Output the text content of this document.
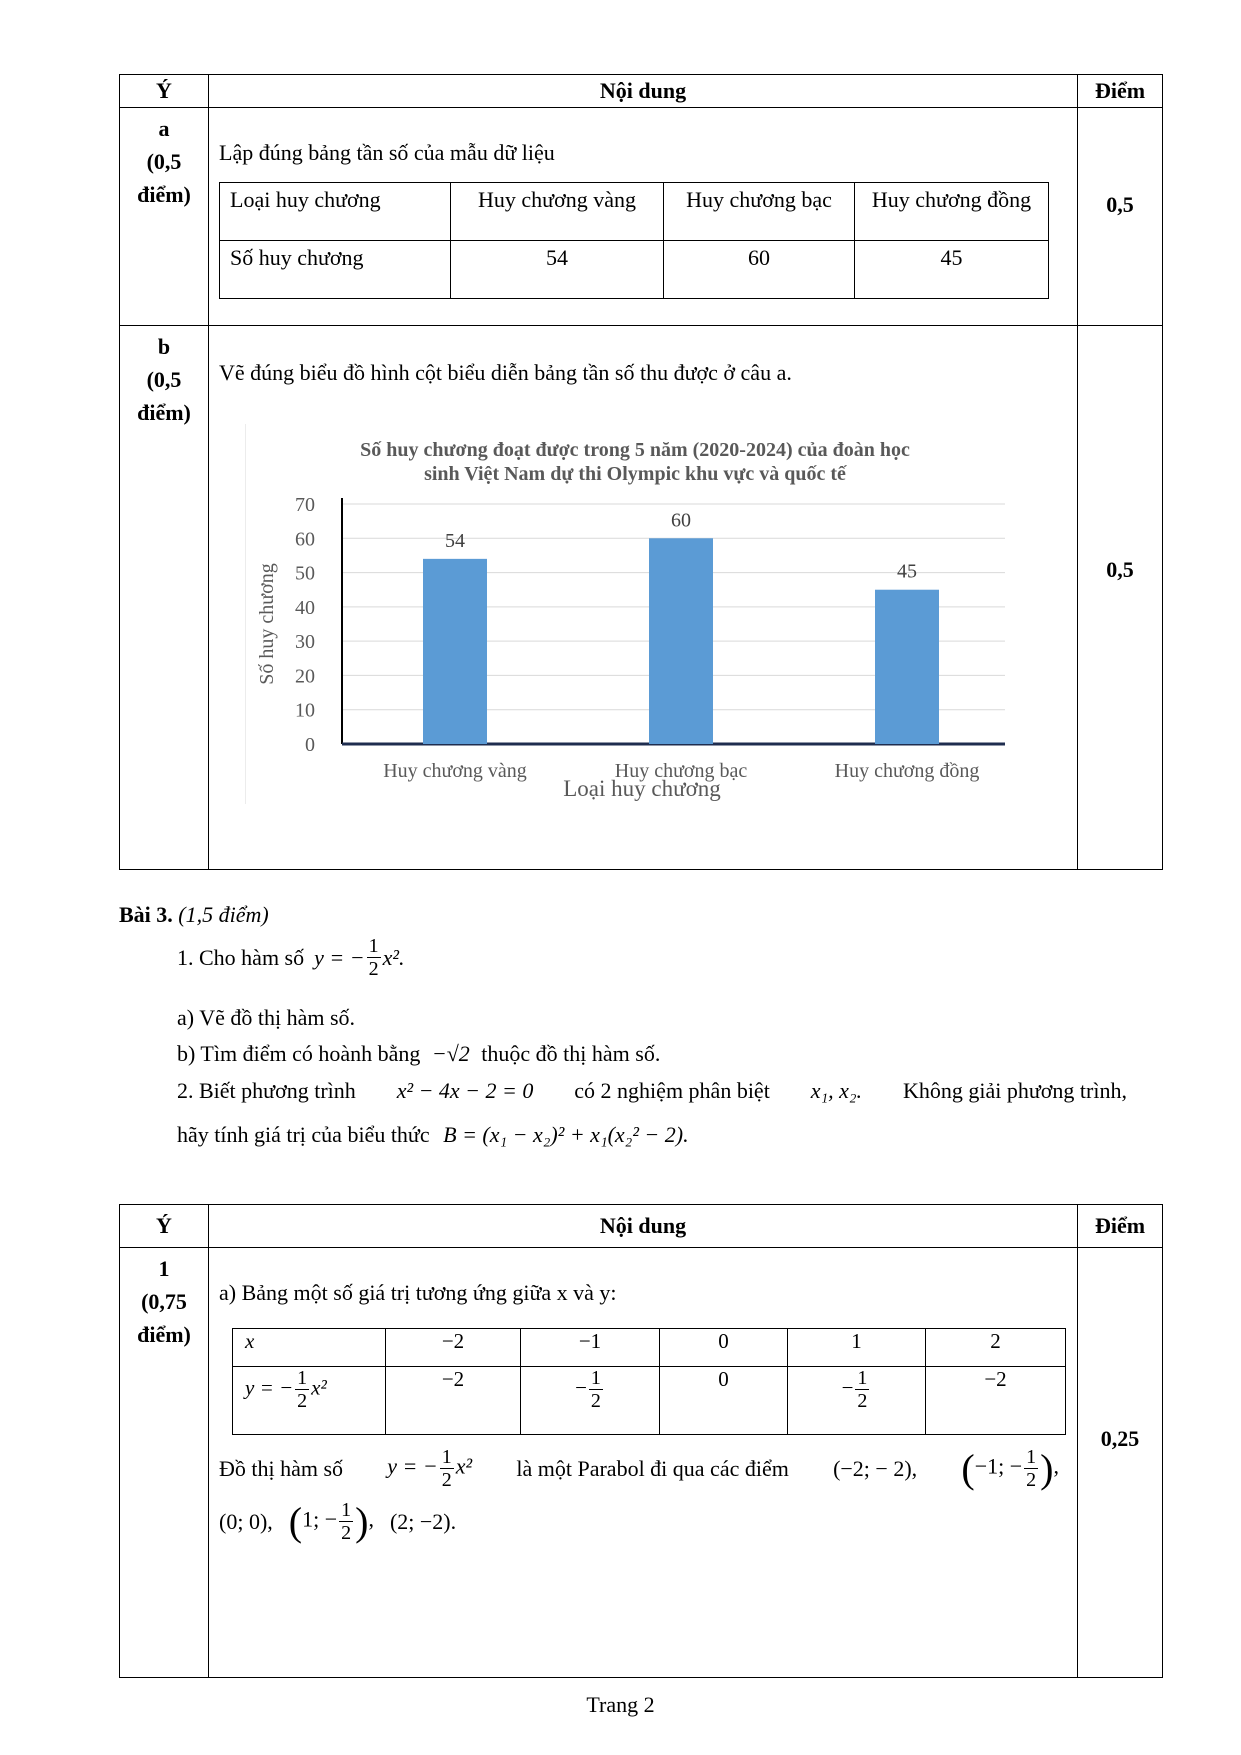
Ý	Nội dung	Điểm

a
(0,5
điểm)

Lập đúng bảng tần số của mẫu dữ liệu
Loại huy chương	Huy chương vàng	Huy chương bạc	Huy chương đồng
Số huy chương	54	60	45
	0,5

b
(0,5
điểm)

Vẽ đúng biểu đồ hình cột biểu diễn bảng tần số thu được ở câu a.
Số huy chương đoạt được trong 5 năm (2020-2024) của đoàn học
sinh Việt Nam dự thi Olympic khu vực và quốc tế
0
10
20
30
40
50
60
70
54
60
45
Huy chương vàng	Huy chương bạc	Huy chương đồng
Số huy chương
Loại huy chương
	0,5
Bài 3. (1,5 điểm)
1. Cho hàm số y = − $\frac{1}{2} x^2$.
a) Vẽ đồ thị hàm số.
b) Tìm điểm có hoành bằng −√2 thuộc đồ thị hàm số.
2. Biết phương trình x² − 4x − 2 = 0 có 2 nghiệm phân biệt x₁, x₂. Không giải phương trình,
hãy tính giá trị của biểu thức B = (x₁ − x₂)² + x₁(x₂² − 2).
Ý	Nội dung	Điểm

1
(0,75
điểm)

a) Bảng một số giá trị tương ứng giữa x và y:
x	−2	−1	0	1	2
y = − $\frac{1}{2} x^2$	−2	− $\frac{1}{2}$	0	− $\frac{1}{2}$	−2
Đồ thị hàm số y = − $\frac{1}{2} x^2$ là một Parabol đi qua các điểm (−2; − 2), (−1; − $\frac{1}{2}$ ),
(0; 0), (1; − $\frac{1}{2}$ ), (2; −2).
	0,25
Trang 2
